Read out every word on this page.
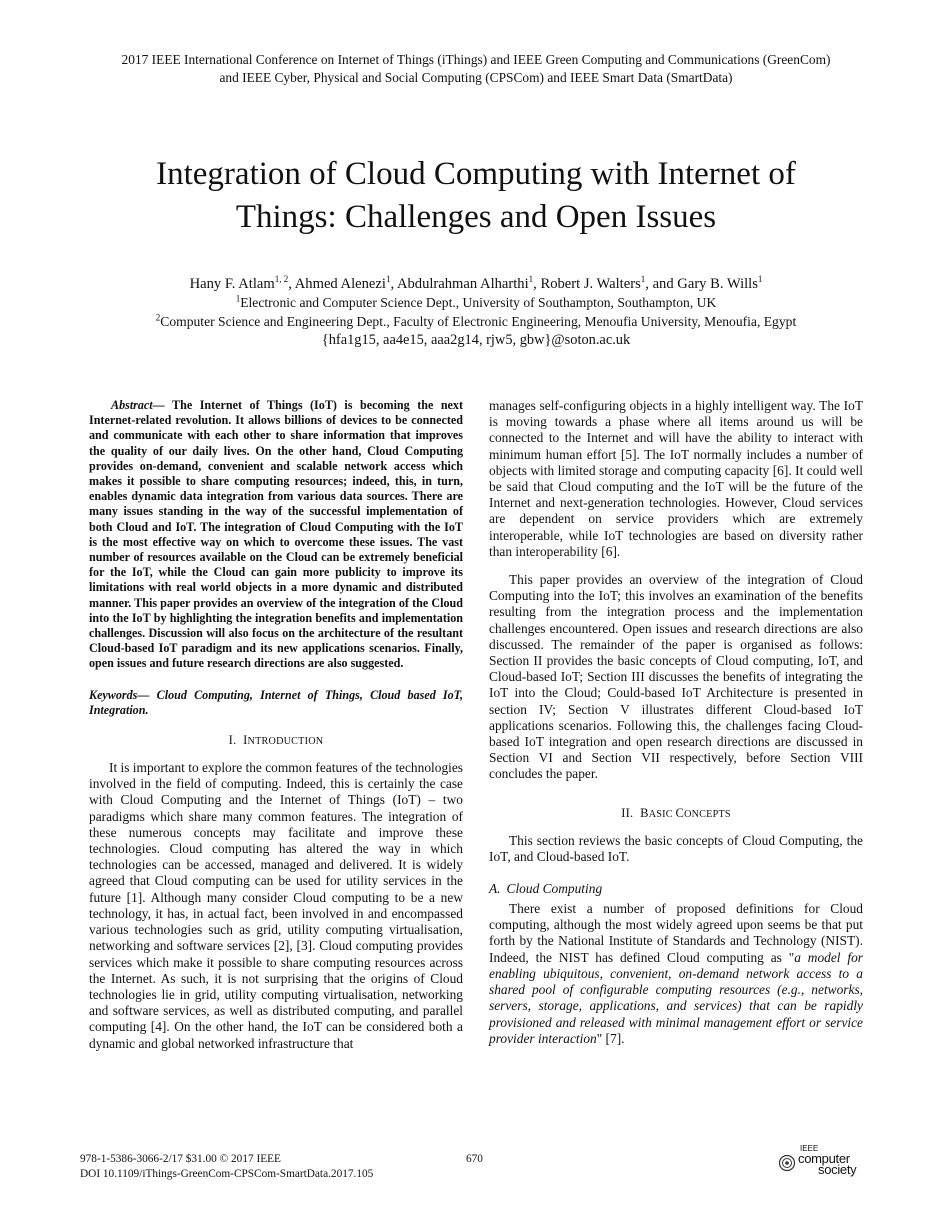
2017 IEEE International Conference on Internet of Things (iThings) and IEEE Green Computing and Communications (GreenCom)
and IEEE Cyber, Physical and Social Computing (CPSCom) and IEEE Smart Data (SmartData)
Integration of Cloud Computing with Internet of
Things: Challenges and Open Issues
Hany F. Atlam$^{1, 2}$, Ahmed Alenezi$^1$, Abdulrahman Alharthi$^1$, Robert J. Walters$^1$, and Gary B. Wills$^1$
$^1$Electronic and Computer Science Dept., University of Southampton, Southampton, UK
$^2$Computer Science and Engineering Dept., Faculty of Electronic Engineering, Menoufia University, Menoufia, Egypt
{hfa1g15, aa4e15, aaa2g14, rjw5, gbw}@soton.ac.uk

Abstract— The Internet of Things (IoT) is becoming the next Internet-related revolution. It allows billions of devices to be connected and communicate with each other to share information that improves the quality of our daily lives. On the other hand, Cloud Computing provides on-demand, convenient and scalable network access which makes it possible to share computing resources; indeed, this, in turn, enables dynamic data integration from various data sources. There are many issues standing in the way of the successful implementation of both Cloud and IoT. The integration of Cloud Computing with the IoT is the most effective way on which to overcome these issues. The vast number of resources available on the Cloud can be extremely beneficial for the IoT, while the Cloud can gain more publicity to improve its limitations with real world objects in a more dynamic and distributed manner. This paper provides an overview of the integration of the Cloud into the IoT by highlighting the integration benefits and implementation challenges. Discussion will also focus on the architecture of the resultant Cloud-based IoT paradigm and its new applications scenarios. Finally, open issues and future research directions are also suggested.

Keywords— Cloud Computing, Internet of Things, Cloud based IoT, Integration.

I. INTRODUCTION

It is important to explore the common features of the technologies involved in the field of computing. Indeed, this is certainly the case with Cloud Computing and the Internet of Things (IoT) – two paradigms which share many common features. The integration of these numerous concepts may facilitate and improve these technologies. Cloud computing has altered the way in which technologies can be accessed, managed and delivered. It is widely agreed that Cloud computing can be used for utility services in the future [1]. Although many consider Cloud computing to be a new technology, it has, in actual fact, been involved in and encompassed various technologies such as grid, utility computing virtualisation, networking and software services [2], [3]. Cloud computing provides services which make it possible to share computing resources across the Internet. As such, it is not surprising that the origins of Cloud technologies lie in grid, utility computing virtualisation, networking and software services, as well as distributed computing, and parallel computing [4]. On the other hand, the IoT can be considered both a dynamic and global networked infrastructure that

manages self-configuring objects in a highly intelligent way. The IoT is moving towards a phase where all items around us will be connected to the Internet and will have the ability to interact with minimum human effort [5]. The IoT normally includes a number of objects with limited storage and computing capacity [6]. It could well be said that Cloud computing and the IoT will be the future of the Internet and next-generation technologies. However, Cloud services are dependent on service providers which are extremely interoperable, while IoT technologies are based on diversity rather than interoperability [6].

This paper provides an overview of the integration of Cloud Computing into the IoT; this involves an examination of the benefits resulting from the integration process and the implementation challenges encountered. Open issues and research directions are also discussed. The remainder of the paper is organised as follows: Section II provides the basic concepts of Cloud computing, IoT, and Cloud-based IoT; Section III discusses the benefits of integrating the IoT into the Cloud; Could-based IoT Architecture is presented in section IV; Section V illustrates different Cloud-based IoT applications scenarios. Following this, the challenges facing Cloud-based IoT integration and open research directions are discussed in Section VI and Section VII respectively, before Section VIII concludes the paper.

II. BASIC CONCEPTS

This section reviews the basic concepts of Cloud Computing, the IoT, and Cloud-based IoT.

A. Cloud Computing

There exist a number of proposed definitions for Cloud computing, although the most widely agreed upon seems be that put forth by the National Institute of Standards and Technology (NIST). Indeed, the NIST has defined Cloud computing as "a model for enabling ubiquitous, convenient, on-demand network access to a shared pool of configurable computing resources (e.g., networks, servers, storage, applications, and services) that can be rapidly provisioned and released with minimal management effort or service provider interaction" [7].

978-1-5386-3066-2/17 $31.00 © 2017 IEEE
DOI 10.1109/iThings-GreenCom-CPSCom-SmartData.2017.105
670
IEEE
computer
society
